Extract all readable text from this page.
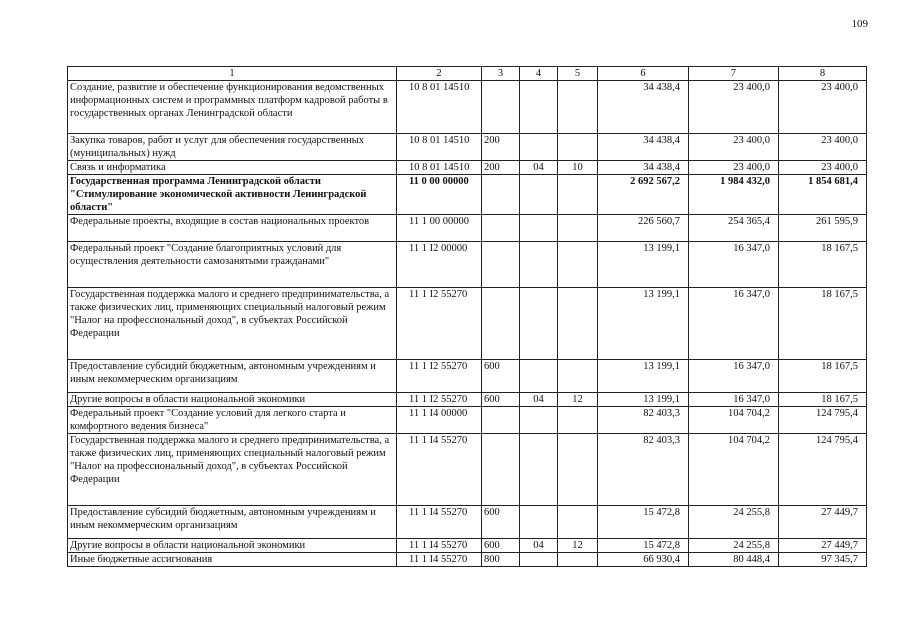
109
1	2	3	4	5	6	7	8
Создание, развитие и обеспечение функционирования ведомственных информационных систем и программных платформ кадровой работы в государственных органах Ленинградской области	10 8 01 14510				34 438,4	23 400,0	23 400,0
Закупка товаров, работ и услуг для обеспечения государственных (муниципальных) нужд	10 8 01 14510	200			34 438,4	23 400,0	23 400,0
Связь и информатика	10 8 01 14510	200	04	10	34 438,4	23 400,0	23 400,0
Государственная программа Ленинградской области "Стимулирование экономической активности Ленинградской области"	11 0 00 00000				2 692 567,2	1 984 432,0	1 854 681,4
Федеральные проекты, входящие в состав национальных проектов	11 1 00 00000				226 560,7	254 365,4	261 595,9
Федеральный проект "Создание благоприятных условий для осуществления деятельности самозанятыми гражданами"	11 1 I2 00000				13 199,1	16 347,0	18 167,5
Государственная поддержка малого и среднего предпринимательства, а также физических лиц, применяющих специальный налоговый режим "Налог на профессиональный доход", в субъектах Российской Федерации	11 1 I2 55270				13 199,1	16 347,0	18 167,5
Предоставление субсидий бюджетным, автономным учреждениям и иным некоммерческим организациям	11 1 I2 55270	600			13 199,1	16 347,0	18 167,5
Другие вопросы в области национальной экономики	11 1 I2 55270	600	04	12	13 199,1	16 347,0	18 167,5
Федеральный проект "Создание условий для легкого старта и комфортного ведения бизнеса"	11 1 I4 00000				82 403,3	104 704,2	124 795,4
Государственная поддержка малого и среднего предпринимательства, а также физических лиц, применяющих специальный налоговый режим "Налог на профессиональный доход", в субъектах Российской Федерации	11 1 I4 55270				82 403,3	104 704,2	124 795,4
Предоставление субсидий бюджетным, автономным учреждениям и иным некоммерческим организациям	11 1 I4 55270	600			15 472,8	24 255,8	27 449,7
Другие вопросы в области национальной экономики	11 1 I4 55270	600	04	12	15 472,8	24 255,8	27 449,7
Иные бюджетные ассигнования	11 1 I4 55270	800			66 930,4	80 448,4	97 345,7
